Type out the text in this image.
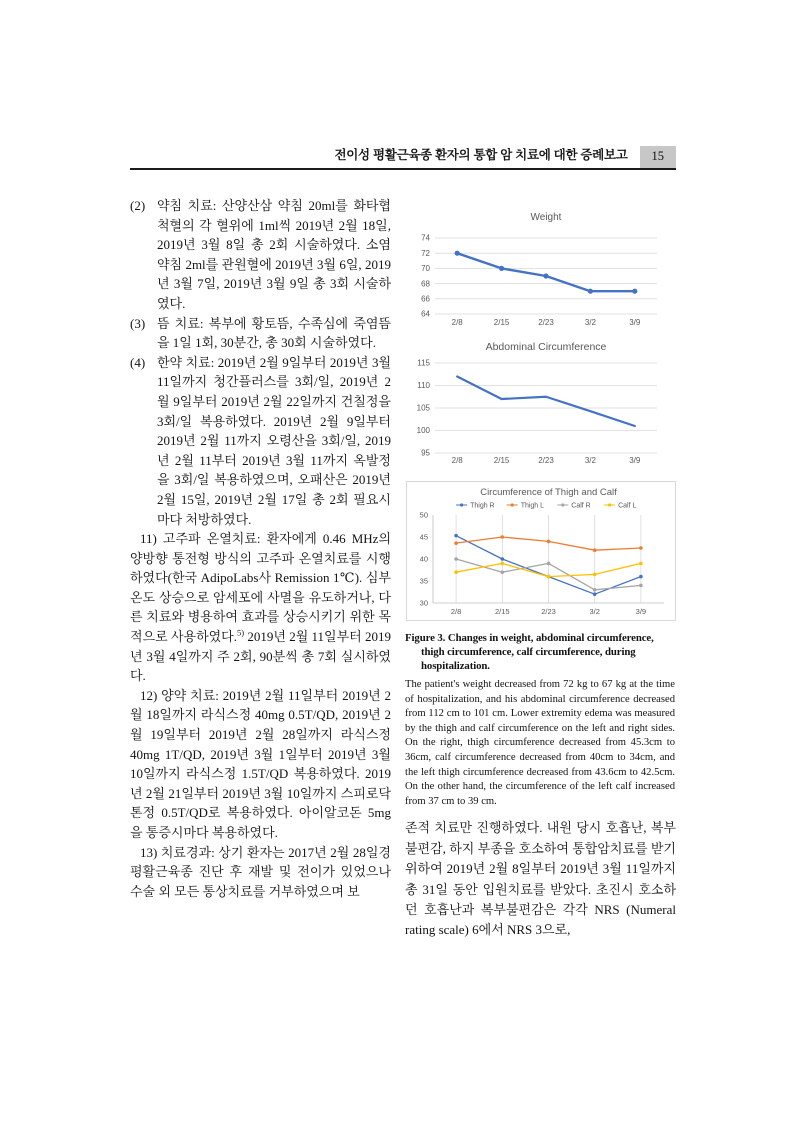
전이성 평활근육종 환자의 통합 암 치료에 대한 증례보고	15
(2) 약침 치료: 산양산삼 약침 20ml를 화타협척혈의 각 혈위에 1ml씩 2019년 2월 18일, 2019년 3월 8일 총 2회 시술하였다. 소염 약침 2ml를 관원혈에 2019년 3월 6일, 2019년 3월 7일, 2019년 3월 9일 총 3회 시술하였다.
(3) 뜸 치료: 복부에 황토뜸, 수족심에 죽염뜸을 1일 1회, 30분간, 총 30회 시술하였다.
(4) 한약 치료: 2019년 2월 9일부터 2019년 3월 11일까지 청간플러스를 3회/일, 2019년 2월 9일부터 2019년 2월 22일까지 건칠정을 3회/일 복용하였다. 2019년 2월 9일부터 2019년 2월 11까지 오령산을 3회/일, 2019년 2월 11부터 2019년 3월 11까지 옥발정을 3회/일 복용하였으며, 오패산은 2019년 2월 15일, 2019년 2월 17일 총 2회 필요시마다 처방하였다.

11) 고주파 온열치료: 환자에게 0.46 MHz의 양방향 통전형 방식의 고주파 온열치료를 시행하였다(한국 AdipoLabs사 Remission 1℃). 심부 온도 상승으로 암세포에 사멸을 유도하거나, 다른 치료와 병용하여 효과를 상승시키기 위한 목적으로 사용하였다.$^{5)}$ 2019년 2월 11일부터 2019년 3월 4일까지 주 2회, 90분씩 총 7회 실시하였다.

12) 양약 치료: 2019년 2월 11일부터 2019년 2월 18일까지 라식스정 40mg 0.5T/QD, 2019년 2월 19일부터 2019년 2월 28일까지 라식스정 40mg 1T/QD, 2019년 3월 1일부터 2019년 3월 10일까지 라식스정 1.5T/QD 복용하였다. 2019년 2월 21일부터 2019년 3월 10일까지 스피로닥톤정 0.5T/QD로 복용하였다. 아이알코돈 5mg을 통증시마다 복용하였다.

13) 치료경과: 상기 환자는 2017년 2월 28일경 평활근육종 진단 후 재발 및 전이가 있었으나 수술 외 모든 통상치료를 거부하였으며 보

64
66
68
70
72
74
2/8	2/15	2/23	3/2	3/9
Weight
95
100
105
110
115
2/8	2/15	2/23	3/2	3/9
Abdominal Circumference
30
35
40
45
50
2/8	2/15	2/23	3/2	3/9
Circumference of Thigh and Calf
Thigh R	Thigh L	Calf R	Calf L
Figure 3. Changes in weight, abdominal circumference, thigh circumference, calf circumference, during hospitalization.
The patient's weight decreased from 72 kg to 67 kg at the time of hospitalization, and his abdominal circumference decreased from 112 cm to 101 cm. Lower extremity edema was measured by the thigh and calf circumference on the left and right sides. On the right, thigh circumference decreased from 45.3cm to 36cm, calf circumference decreased from 40cm to 34cm, and the left thigh circumference decreased from 43.6cm to 42.5cm. On the other hand, the circumference of the left calf increased from 37 cm to 39 cm.

존적 치료만 진행하였다. 내원 당시 호흡난, 복부불편감, 하지 부종을 호소하여 통합암치료를 받기 위하여 2019년 2월 8일부터 2019년 3월 11일까지 총 31일 동안 입원치료를 받았다. 초진시 호소하던 호흡난과 복부불편감은 각각 NRS (Numeral rating scale) 6에서 NRS 3으로,
